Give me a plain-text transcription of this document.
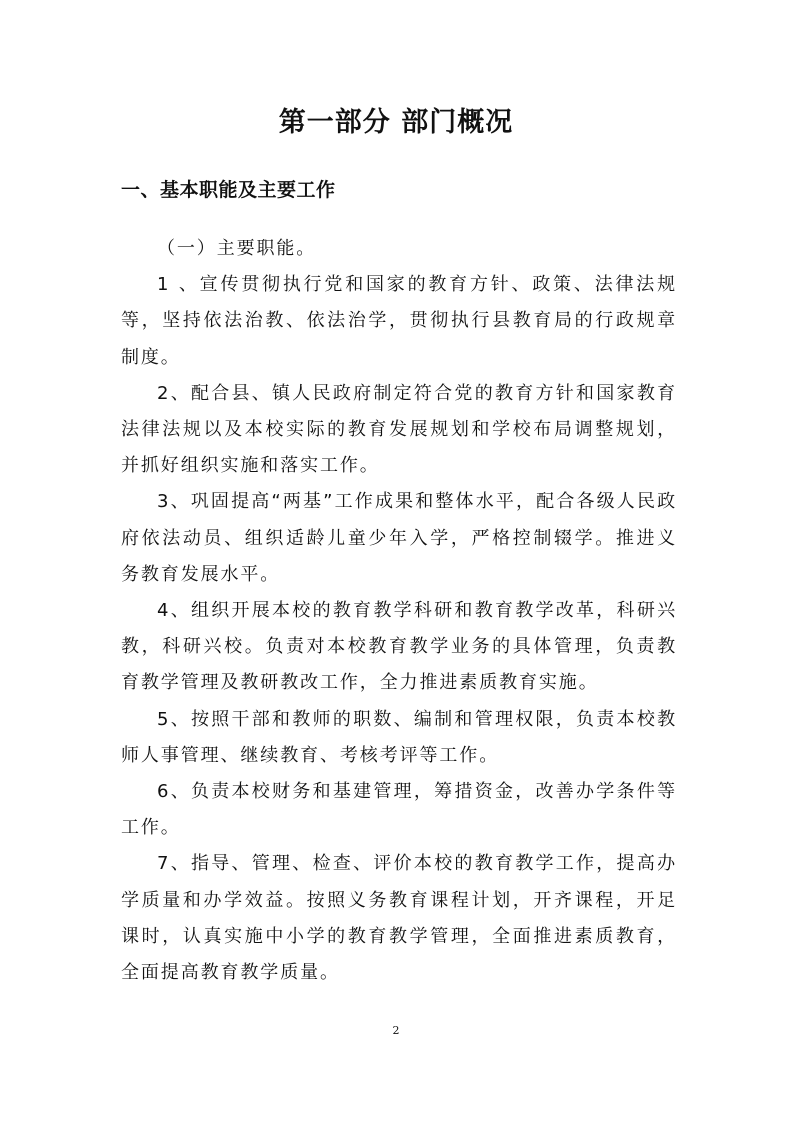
第一部分 部门概况
一、基本职能及主要工作

（一）主要职能。

1 、宣传贯彻执行党和国家的教育方针、政策、法律法规等，坚持依法治教、依法治学，贯彻执行县教育局的行政规章制度。

2、配合县、镇人民政府制定符合党的教育方针和国家教育法律法规以及本校实际的教育发展规划和学校布局调整规划，并抓好组织实施和落实工作。

3、巩固提高“两基”工作成果和整体水平，配合各级人民政府依法动员、组织适龄儿童少年入学，严格控制辍学。推进义务教育发展水平。

4、组织开展本校的教育教学科研和教育教学改革，科研兴教，科研兴校。负责对本校教育教学业务的具体管理，负责教育教学管理及教研教改工作，全力推进素质教育实施。

5、按照干部和教师的职数、编制和管理权限，负责本校教师人事管理、继续教育、考核考评等工作。

6、负责本校财务和基建管理，筹措资金，改善办学条件等工作。

7、指导、管理、检查、评价本校的教育教学工作，提高办学质量和办学效益。按照义务教育课程计划，开齐课程，开足课时，认真实施中小学的教育教学管理，全面推进素质教育，全面提高教育教学质量。

2
